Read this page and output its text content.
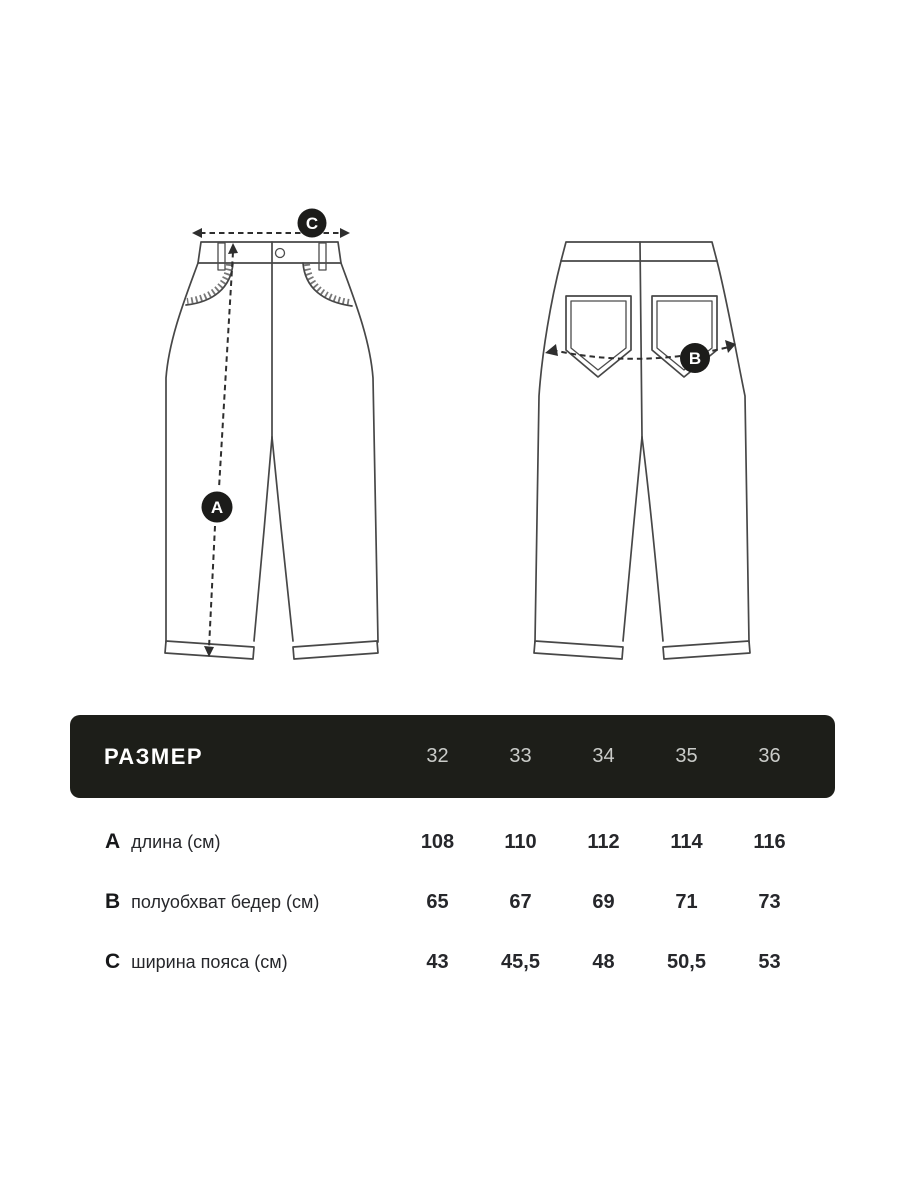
C
A
B
РАЗМЕР	32	33	34	35	36
A длина (см)	108	110	112	114	116
B полуобхват бедер (см)	65	67	69	71	73
C ширина пояса (см)	43	45,5	48	50,5	53
